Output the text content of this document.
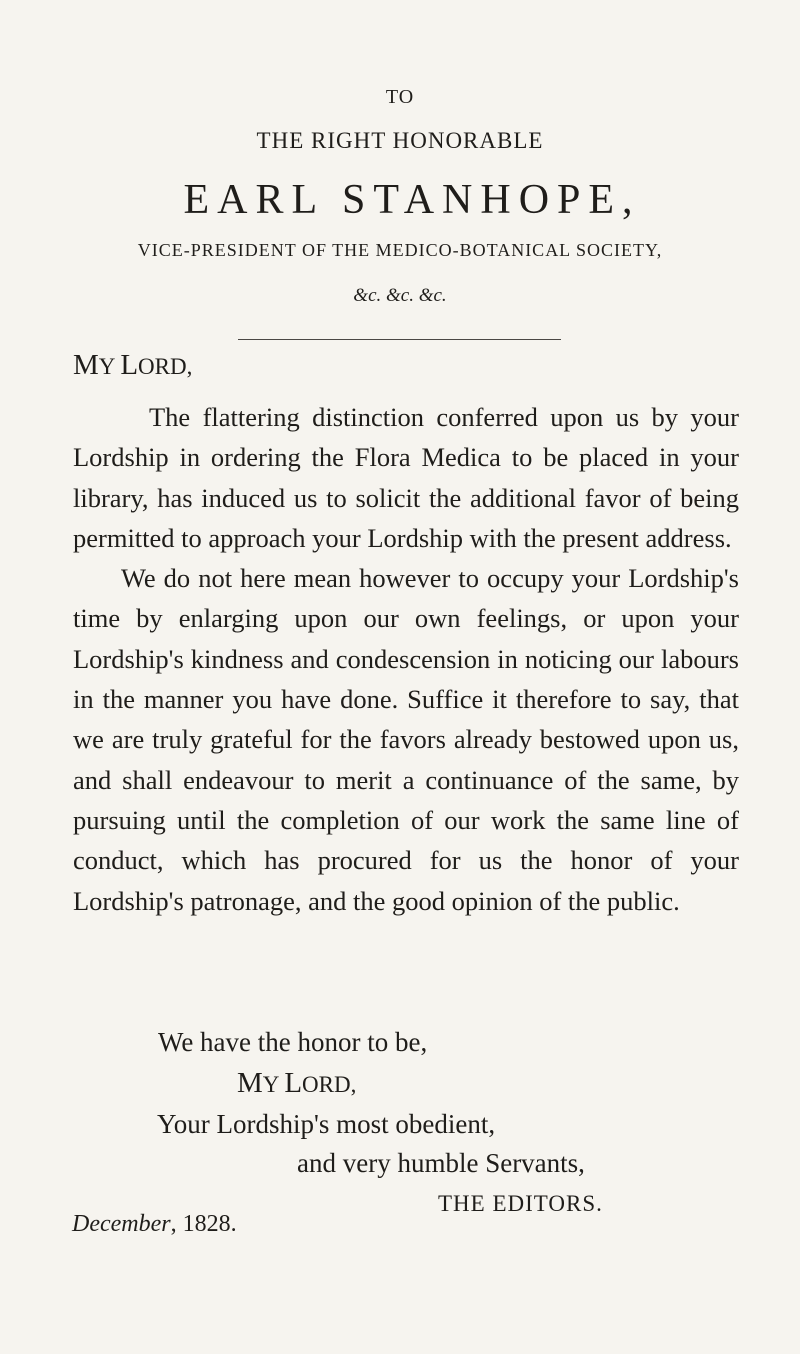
TO
THE RIGHT HONORABLE
EARL STANHOPE,
VICE-PRESIDENT OF THE MEDICO-BOTANICAL SOCIETY,
&c. &c. &c.
MY LORD,

The flattering distinction conferred upon us by your Lordship in ordering the Flora Medica to be placed in your library, has induced us to solicit the additional favor of being permitted to approach your Lordship with the present address.

We do not here mean however to occupy your Lordship's time by enlarging upon our own feelings, or upon your Lordship's kindness and condescension in noticing our labours in the manner you have done. Suffice it therefore to say, that we are truly grateful for the favors already bestowed upon us, and shall endeavour to merit a continuance of the same, by pursuing until the completion of our work the same line of conduct, which has procured for us the honor of your Lordship's patronage, and the good opinion of the public.

We have the honor to be,
MY LORD,
Your Lordship's most obedient,
and very humble Servants,
THE EDITORS.
December, 1828.
